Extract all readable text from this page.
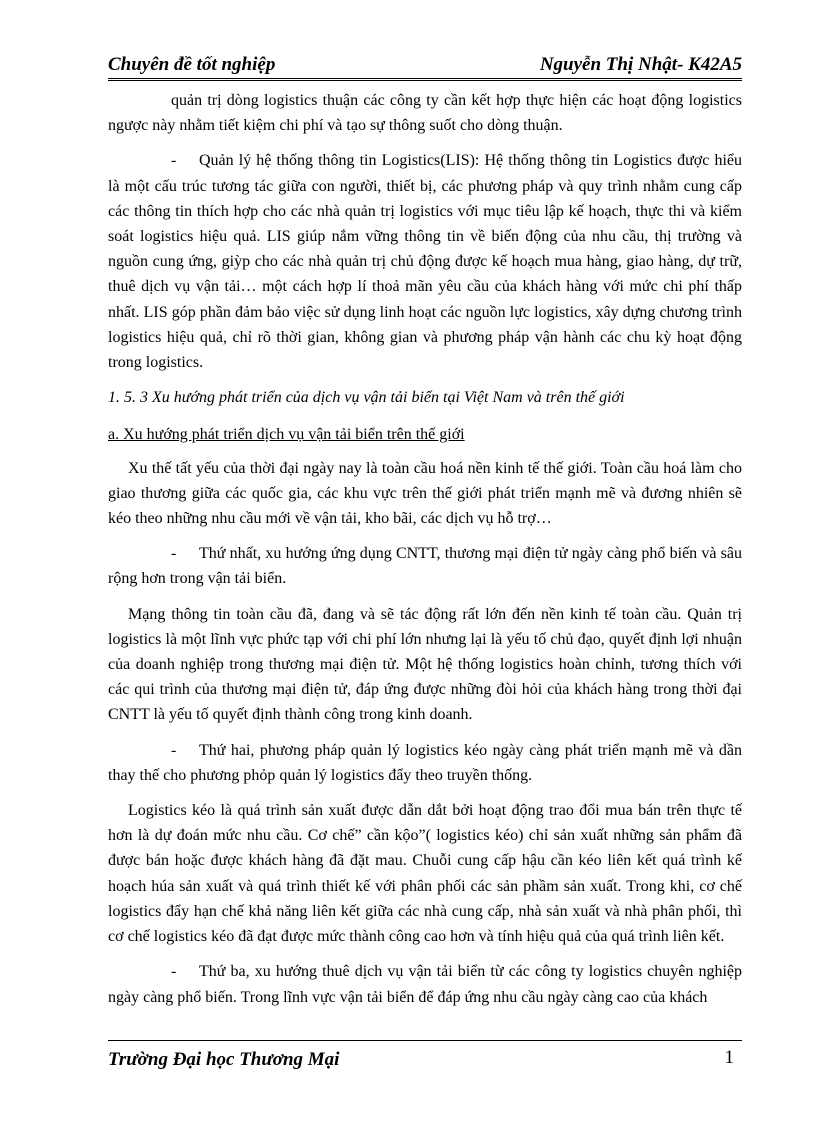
Chuyên đề tốt nghiệp	Nguyễn Thị Nhật- K42A5

quản trị dòng logistics thuận các công ty cần kết hợp thực hiện các hoạt động logistics ngược này nhằm tiết kiệm chi phí và tạo sự thông suốt cho dòng thuận.

- Quản lý hệ thống thông tin Logistics(LIS): Hệ thống thông tin Logistics được hiểu là một cấu trúc tương tác giữa con người, thiết bị, các phương pháp và quy trình nhằm cung cấp các thông tin thích hợp cho các nhà quản trị logistics với mục tiêu lập kế hoạch, thực thi và kiểm soát logistics hiệu quả. LIS giúp nắm vững thông tin về biến động của nhu cầu, thị trường và nguồn cung ứng, giỳp cho các nhà quản trị chủ động được kế hoạch mua hàng, giao hàng, dự trữ, thuê dịch vụ vận tải… một cách hợp lí thoả mãn yêu cầu của khách hàng với mức chi phí thấp nhất. LIS góp phần đảm bảo việc sử dụng linh hoạt các nguồn lực logistics, xây dựng chương trình logistics hiệu quả, chỉ rõ thời gian, không gian và phương pháp vận hành các chu kỳ hoạt động trong logistics.

1. 5. 3 Xu hướng phát triển của dịch vụ vận tải biển tại Việt Nam và trên thế giới

a. Xu hướng phát triển dịch vụ vận tải biển trên thế giới

Xu thế tất yếu của thời đại ngày nay là toàn cầu hoá nền kinh tế thế giới. Toàn cầu hoá làm cho giao thương giữa các quốc gia, các khu vực trên thế giới phát triển mạnh mẽ và đương nhiên sẽ kéo theo những nhu cầu mới về vận tải, kho bãi, các dịch vụ hỗ trợ…

- Thứ nhất, xu hướng ứng dụng CNTT, thương mại điện tử ngày càng phổ biến và sâu rộng hơn trong vận tải biển.

Mạng thông tin toàn cầu đã, đang và sẽ tác động rất lớn đến nền kinh tế toàn cầu. Quản trị logistics là một lĩnh vực phức tạp với chi phí lớn nhưng lại là yếu tố chủ đạo, quyết định lợi nhuận của doanh nghiệp trong thương mại điện tử. Một hệ thống logistics hoàn chỉnh, tương thích với các qui trình của thương mại điện tử, đáp ứng được những đòi hỏi của khách hàng trong thời đại CNTT là yếu tố quyết định thành công trong kinh doanh.

- Thứ hai, phương pháp quản lý logistics kéo ngày càng phát triển mạnh mẽ và dần thay thế cho phương phỏp quản lý logistics đẩy theo truyền thống.

Logistics kéo là quá trình sản xuất được dẫn dắt bởi hoạt động trao đổi mua bán trên thực tế hơn là dự đoán mức nhu cầu. Cơ chế” cần kộo”( logistics kéo) chỉ sản xuất những sản phẩm đã được bán hoặc được khách hàng đã đặt mau. Chuỗi cung cấp hậu cần kéo liên kết quá trình kế hoạch húa sản xuất và quá trình thiết kế với phân phối các sản phầm sản xuất. Trong khi, cơ chế logistics đẩy hạn chế khả năng liên kết giữa các nhà cung cấp, nhà sản xuất và nhà phân phối, thì cơ chế logistics kéo đã đạt được mức thành công cao hơn và tính hiệu quả của quá trình liên kết.

- Thứ ba, xu hướng thuê dịch vụ vận tải biển từ các công ty logistics chuyên nghiệp ngày càng phổ biến. Trong lĩnh vực vận tải biển để đáp ứng nhu cầu ngày càng cao của khách

Trường Đại học Thương Mại	1
